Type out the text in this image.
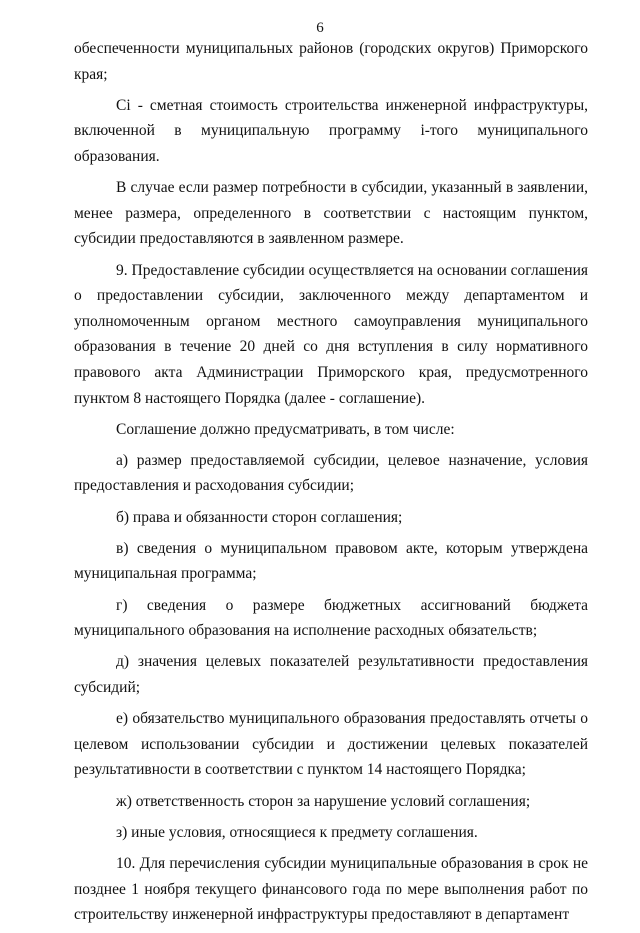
6

обеспеченности муниципальных районов (городских округов) Приморского края;

Ci - сметная стоимость строительства инженерной инфраструктуры, включенной в муниципальную программу i-того муниципального образования.

В случае если размер потребности в субсидии, указанный в заявлении, менее размера, определенного в соответствии с настоящим пунктом, субсидии предоставляются в заявленном размере.

9. Предоставление субсидии осуществляется на основании соглашения о предоставлении субсидии, заключенного между департаментом и уполномоченным органом местного самоуправления муниципального образования в течение 20 дней со дня вступления в силу нормативного правового акта Администрации Приморского края, предусмотренного пунктом 8 настоящего Порядка (далее - соглашение).

Соглашение должно предусматривать, в том числе:

а) размер предоставляемой субсидии, целевое назначение, условия предоставления и расходования субсидии;

б) права и обязанности сторон соглашения;

в) сведения о муниципальном правовом акте, которым утверждена муниципальная программа;

г) сведения о размере бюджетных ассигнований бюджета муниципального образования на исполнение расходных обязательств;

д) значения целевых показателей результативности предоставления субсидий;

е) обязательство муниципального образования предоставлять отчеты о целевом использовании субсидии и достижении целевых показателей результативности в соответствии с пунктом 14 настоящего Порядка;

ж) ответственность сторон за нарушение условий соглашения;

з) иные условия, относящиеся к предмету соглашения.

10. Для перечисления субсидии муниципальные образования в срок не позднее 1 ноября текущего финансового года по мере выполнения работ по строительству инженерной инфраструктуры предоставляют в департамент
